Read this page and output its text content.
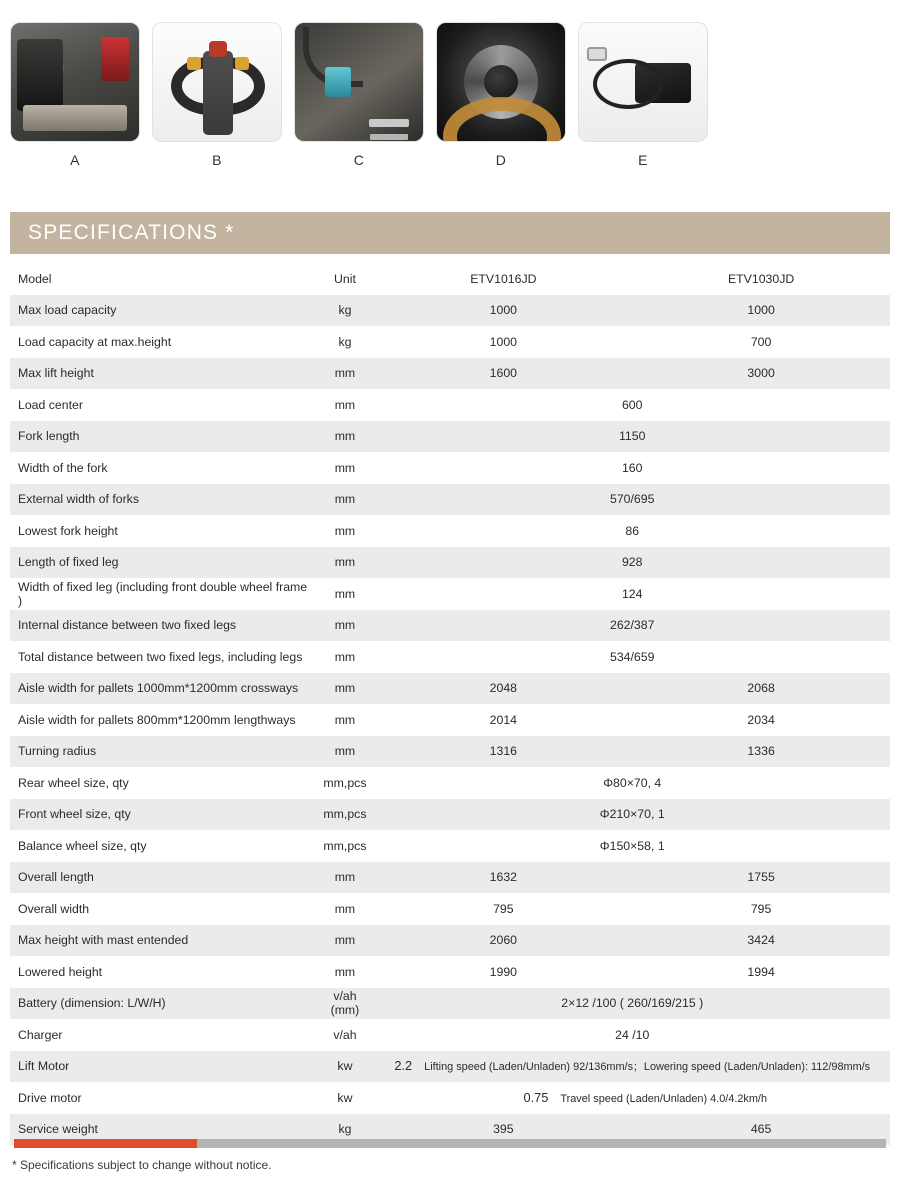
A	B	C	D	E
SPECIFICATIONS *
Model	Unit	ETV1016JD	ETV1030JD
Max load capacity	kg	1000	1000
Load capacity at max.height	kg	1000	700
Max lift height	mm	1600	3000
Load center	mm	600	
Fork length	mm	1150	
Width of the fork	mm	160	
External width of forks	mm	570/695	
Lowest fork height	mm	86	
Length of fixed leg	mm	928	
Width of fixed leg (including front double wheel frame )	mm	124	
Internal distance between two fixed legs	mm	262/387	
Total distance between two fixed legs, including legs	mm	534/659	
Aisle width for pallets 1000mm*1200mm crossways	mm	2048	2068
Aisle width for pallets 800mm*1200mm lengthways	mm	2014	2034
Turning radius	mm	1316	1336
Rear wheel size, qty	mm,pcs	Φ80×70, 4	
Front wheel size, qty	mm,pcs	Φ210×70, 1	
Balance wheel size, qty	mm,pcs	Φ150×58, 1	
Overall length	mm	1632	1755
Overall width	mm	795	795
Max height with mast entended	mm	2060	3424
Lowered height	mm	1990	1994
Battery (dimension: L/W/H)	v/ah (mm)	2×12 /100 ( 260/169/215 )	
Charger	v/ah	24 /10	
Lift Motor	kw	2.2 Lifting speed (Laden/Unladen) 92/136mm/s；Lowering speed (Laden/Unladen): 112/98mm/s	
Drive motor	kw	0.75 Travel speed (Laden/Unladen) 4.0/4.2km/h	
Service weight	kg	395	465
* Specifications subject to change without notice.
